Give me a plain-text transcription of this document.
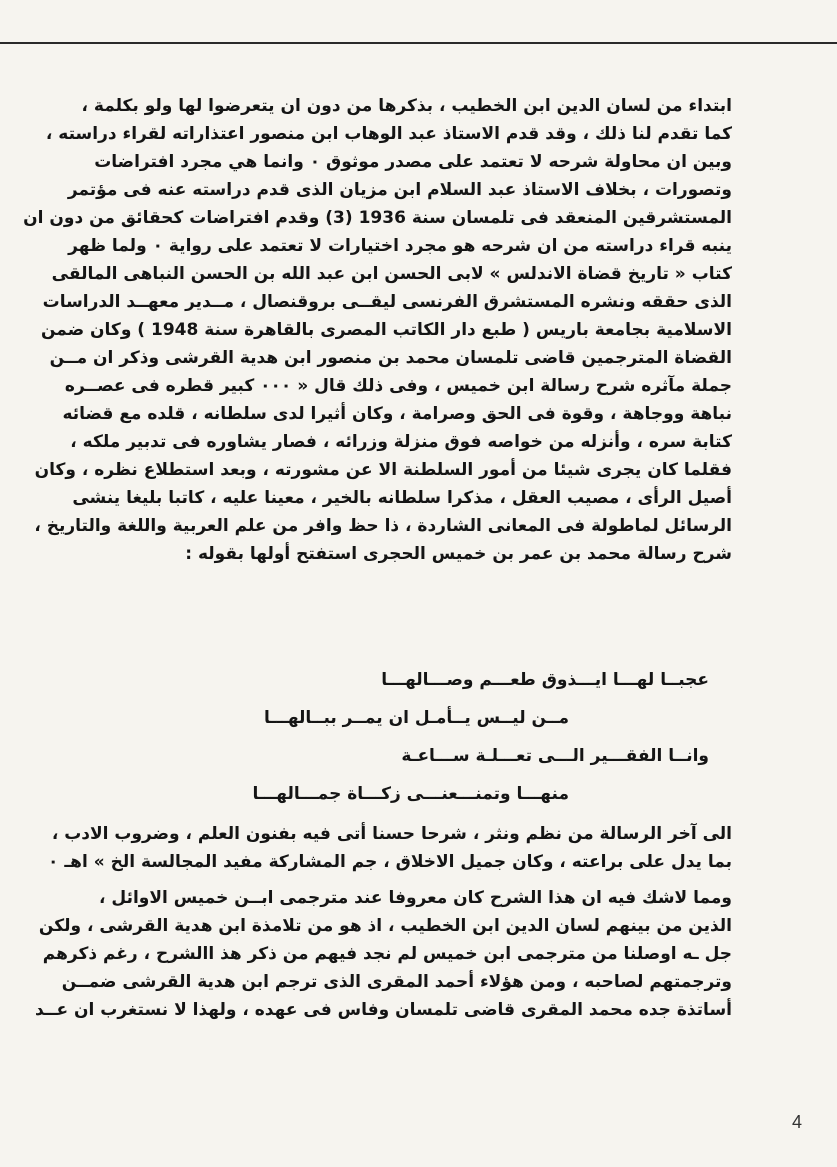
ابتداء من لسان الدين ابن الخطيب ، بذكرها من دون ان يتعرضوا لها ولو بكلمة ،
كما تقدم لنا ذلك ، وقد قدم الاستاذ عبد الوهاب ابن منصور اعتذاراته لقراء دراسته ،
وبين ان محاولة شرحه لا تعتمد على مصدر موثوق ٠ وانما هي مجرد افتراضات
وتصورات ، بخلاف الاستاذ عبد السلام ابن مزيان الذى قدم دراسته عنه فى مؤتمر
المستشرقين المنعقد فى تلمسان سنة 1936 (3) وقدم افتراضات كحقائق من دون ان
ينبه قراء دراسته من ان شرحه هو مجرد اختيارات لا تعتمد على رواية ٠ ولما ظهر
كتاب « تاريخ قضاة الاندلس » لابى الحسن ابن عبد الله بن الحسن النباهى المالقى
الذى حققه ونشره المستشرق الفرنسى ليقــى بروقنصال ، مــدير معهــد الدراسات
الاسلامية بجامعة باريس ( طبع دار الكاتب المصرى بالقاهرة سنة 1948 ) وكان ضمن
القضاة المترجمين قاضى تلمسان محمد بن منصور ابن هدية القرشى وذكر ان مــن
جملة مآثره شرح رسالة ابن خميس ، وفى ذلك قال « ٠٠٠ كبير قطره فى عصــره
نباهة ووجاهة ، وقوة فى الحق وصرامة ، وكان أثيرا لدى سلطانه ، قلده مع قضائه
كتابة سره ، وأنزله من خواصه فوق منزلة وزرائه ، فصار يشاوره فى تدبير ملكه ،
فقلما كان يجرى شيئا من أمور السلطنة الا عن مشورته ، وبعد استطلاع نظره ، وكان
أصيل الرأى ، مصيب العقل ، مذكرا سلطانه بالخير ، معينا عليه ، كاتبا بليغا ينشى
الرسائل لماطولة فى المعانى الشاردة ، ذا حظ وافر من علم العربية واللغة والتاريخ ،
شرح رسالة محمد بن عمر بن خميس الحجرى استفتح أولها بقوله :
عجبــا لهـــا ايـــذوق طعـــم وصـــالهـــا
مــن ليــس يــأمـل ان يمــر ببــالهـــا
وانــا الفقـــير الـــى تعـــلـة ســـاعـة
منهـــا وتمنـــعنـــى زكـــاة جمـــالهـــا
الى آخر الرسالة من نظم ونثر ، شرحا حسنا أتى فيه بفنون العلم ، وضروب الادب ،
بما يدل على براعته ، وكان جميل الاخلاق ، جم المشاركة مفيد المجالسة الخ » اهـ ٠
ومما لاشك فيه ان هذا الشرح كان معروفا عند مترجمى ابــن خميس الاوائل ،
الذين من بينهم لسان الدين ابن الخطيب ، اذ هو من تلامذة ابن هدية القرشى ، ولكن
جل ـه اوصلنا من مترجمى ابن خميس لم نجد فيهم من ذكر هذ االشرح ، رغم ذكرهم
وترجمتهم لصاحبه ، ومن هؤلاء أحمد المقرى الذى ترجم ابن هدية القرشى ضمــن
أساتذة جده محمد المقرى قاضى تلمسان وفاس فى عهده ، ولهذا لا نستغرب ان عــد
4
